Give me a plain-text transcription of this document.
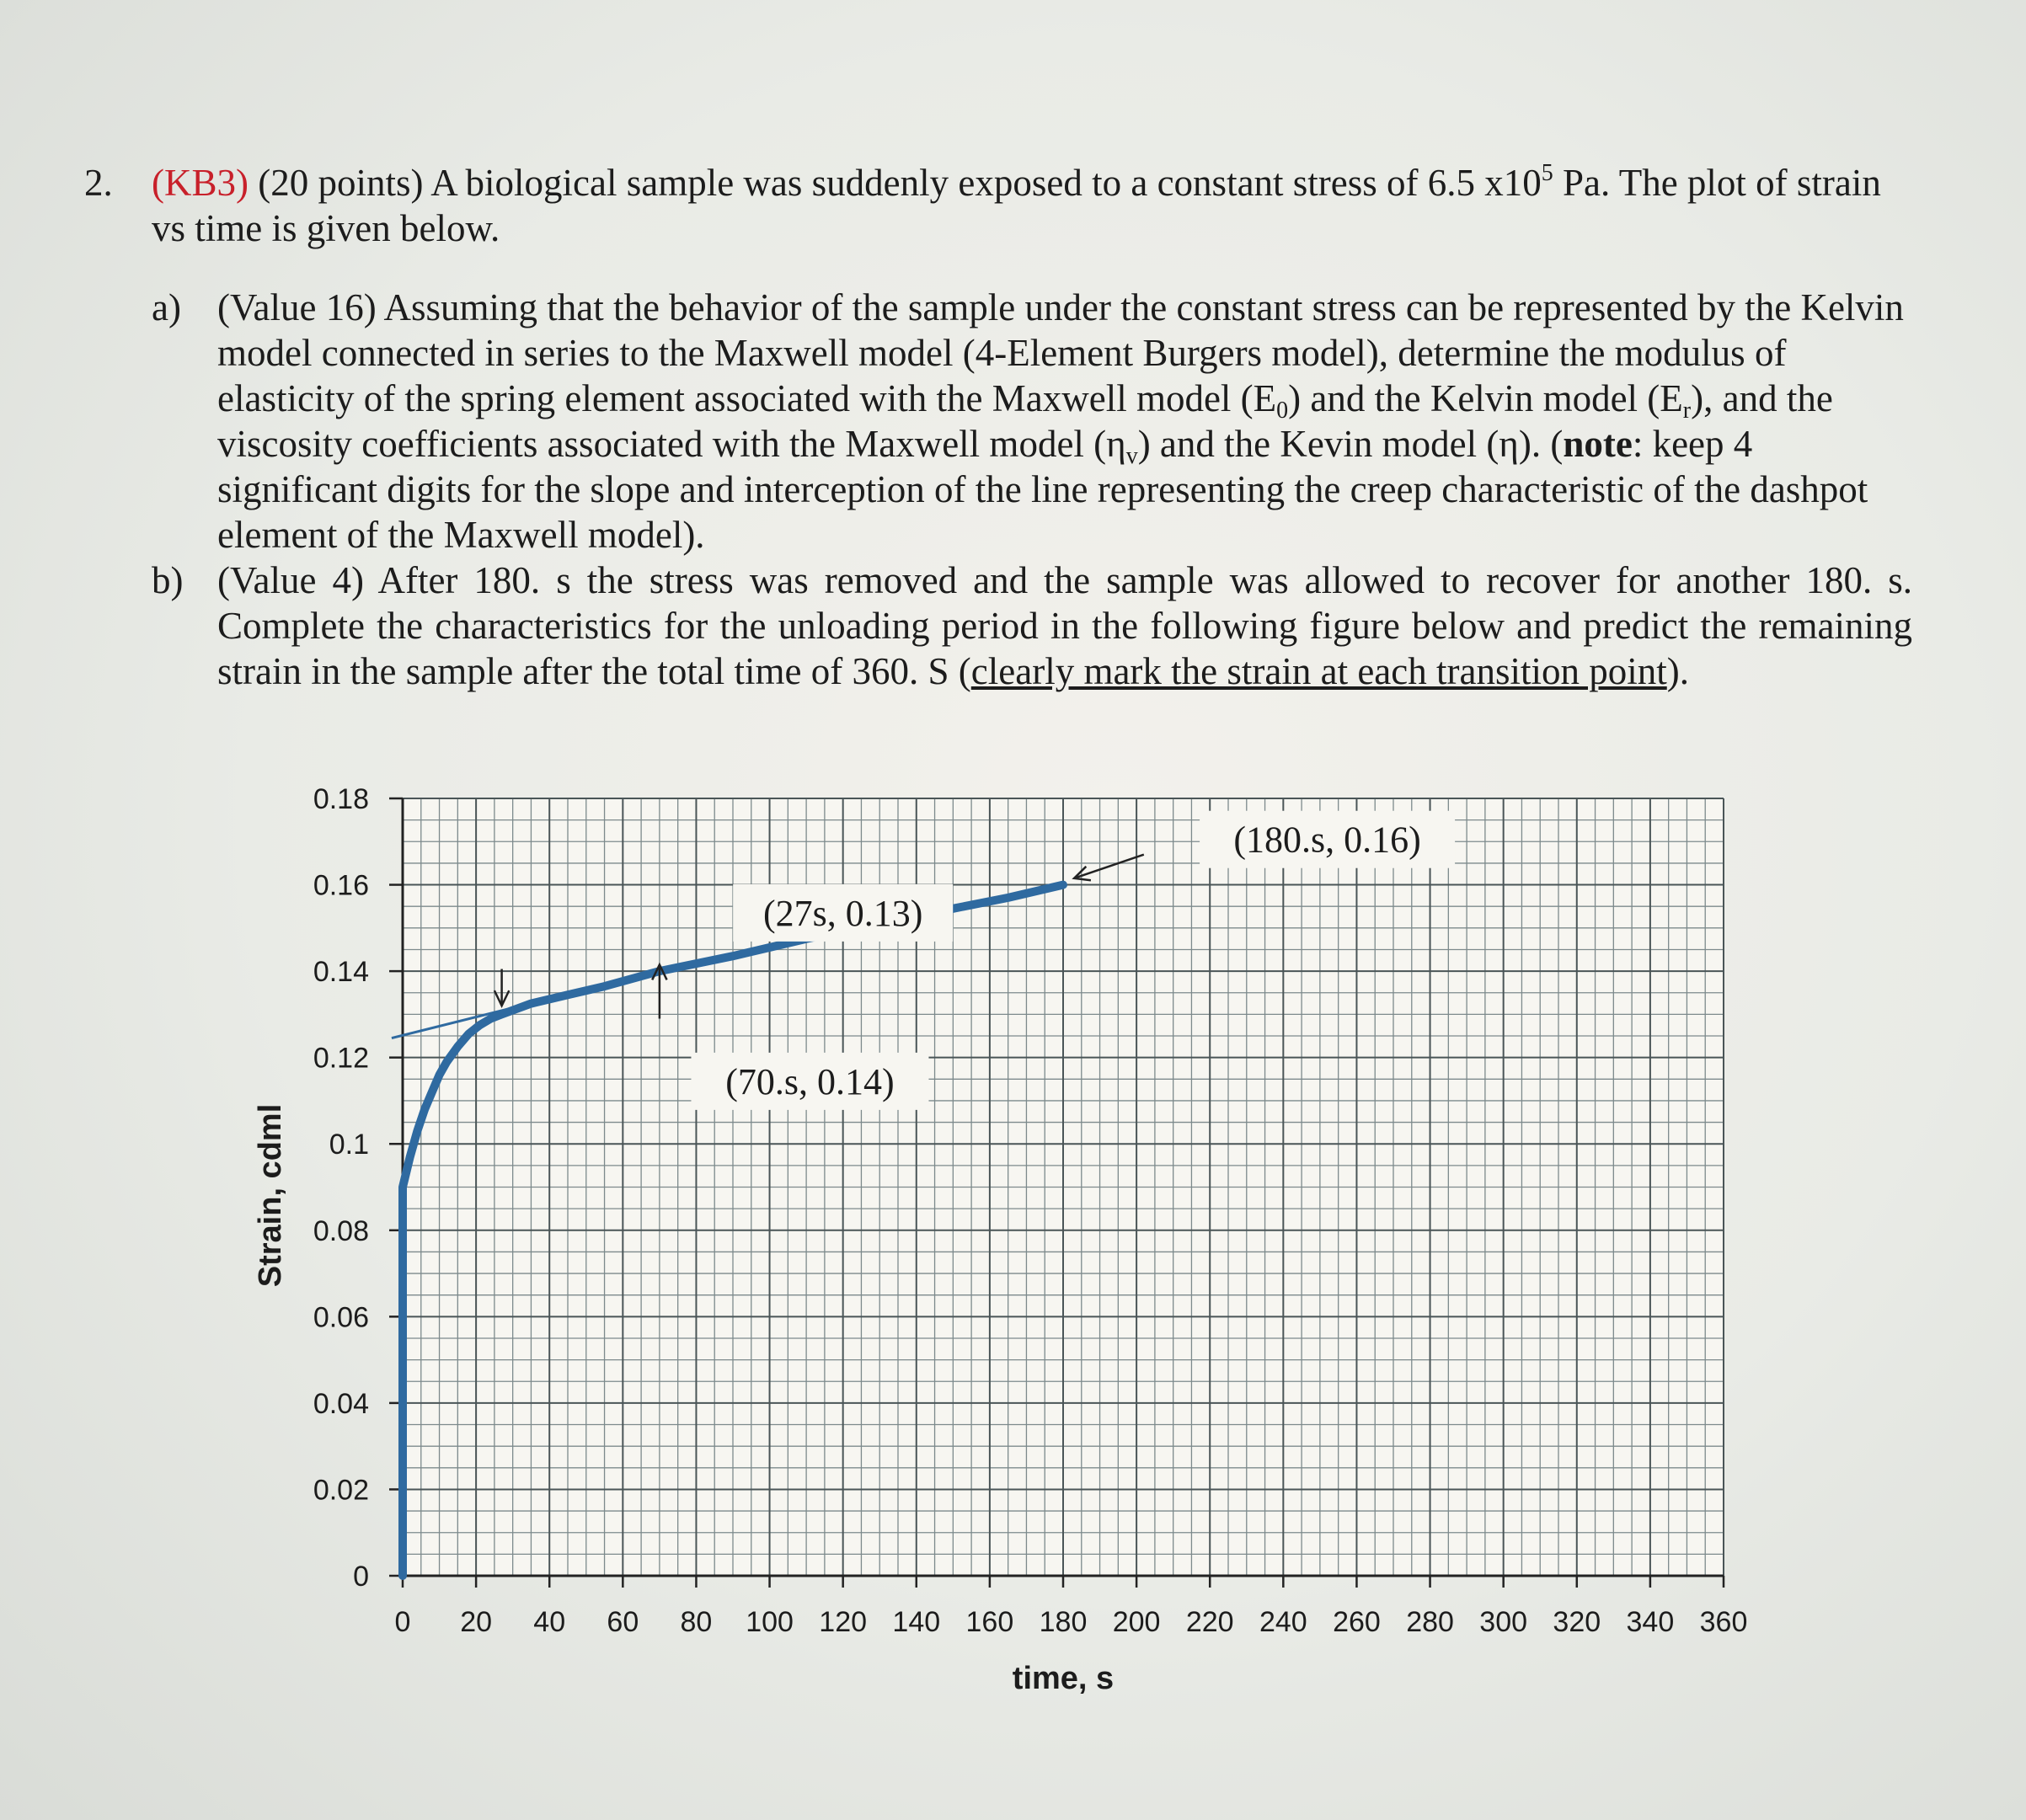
2. (KB3) (20 points) A biological sample was suddenly exposed to a constant stress of 6.5 $x10^5$ Pa. The plot of strain vs time is given below.
a) (Value 16) Assuming that the behavior of the sample under the constant stress can be represented by the Kelvin model connected in series to the Maxwell model (4-Element Burgers model), determine the modulus of elasticity of the spring element associated with the Maxwell model $(E_0)$ and the Kelvin model $(E_r)$, and the viscosity coefficients associated with the Maxwell model $(\eta_v)$ and the Kevin model (η). (note: keep 4 significant digits for the slope and interception of the line representing the creep characteristic of the dashpot element of the Maxwell model).
b) (Value 4) After 180. s the stress was removed and the sample was allowed to recover for another 180. s. Complete the characteristics for the unloading period in the following figure below and predict the remaining strain in the sample after the total time of 360. S (clearly mark the strain at each transition point).
0 20 40 60 80 100 120 140 160 180 200 220 240 260 280 300 320 340 360
0
0.02
0.04
0.06
0.08
0.1
0.12
0.14
0.16
0.18
(27s, 0.13)
(70.s, 0.14)
(180.s, 0.16)
time, s
Strain, cdml
